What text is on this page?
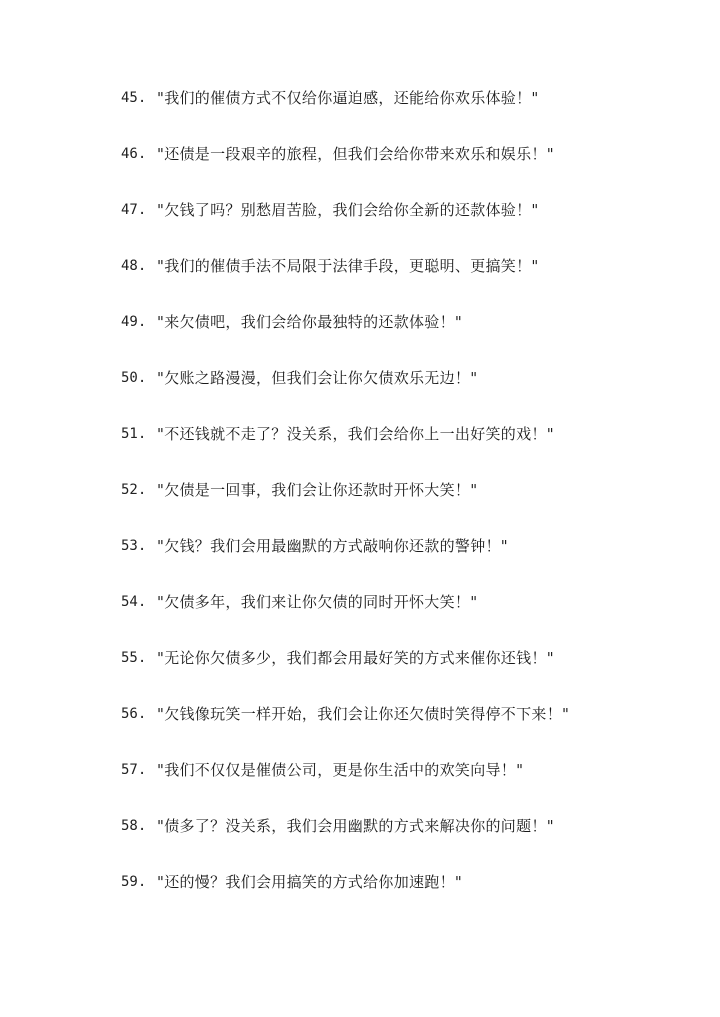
45. "我们的催债方式不仅给你逼迫感，还能给你欢乐体验！"
46. "还债是一段艰辛的旅程，但我们会给你带来欢乐和娱乐！"
47. "欠钱了吗？别愁眉苦脸，我们会给你全新的还款体验！"
48. "我们的催债手法不局限于法律手段，更聪明、更搞笑！"
49. "来欠债吧，我们会给你最独特的还款体验！"
50. "欠账之路漫漫，但我们会让你欠债欢乐无边！"
51. "不还钱就不走了？没关系，我们会给你上一出好笑的戏！"
52. "欠债是一回事，我们会让你还款时开怀大笑！"
53. "欠钱？我们会用最幽默的方式敲响你还款的警钟！"
54. "欠债多年，我们来让你欠债的同时开怀大笑！"
55. "无论你欠债多少，我们都会用最好笑的方式来催你还钱！"
56. "欠钱像玩笑一样开始，我们会让你还欠债时笑得停不下来！"
57. "我们不仅仅是催债公司，更是你生活中的欢笑向导！"
58. "债多了？没关系，我们会用幽默的方式来解决你的问题！"
59. "还的慢？我们会用搞笑的方式给你加速跑！"
